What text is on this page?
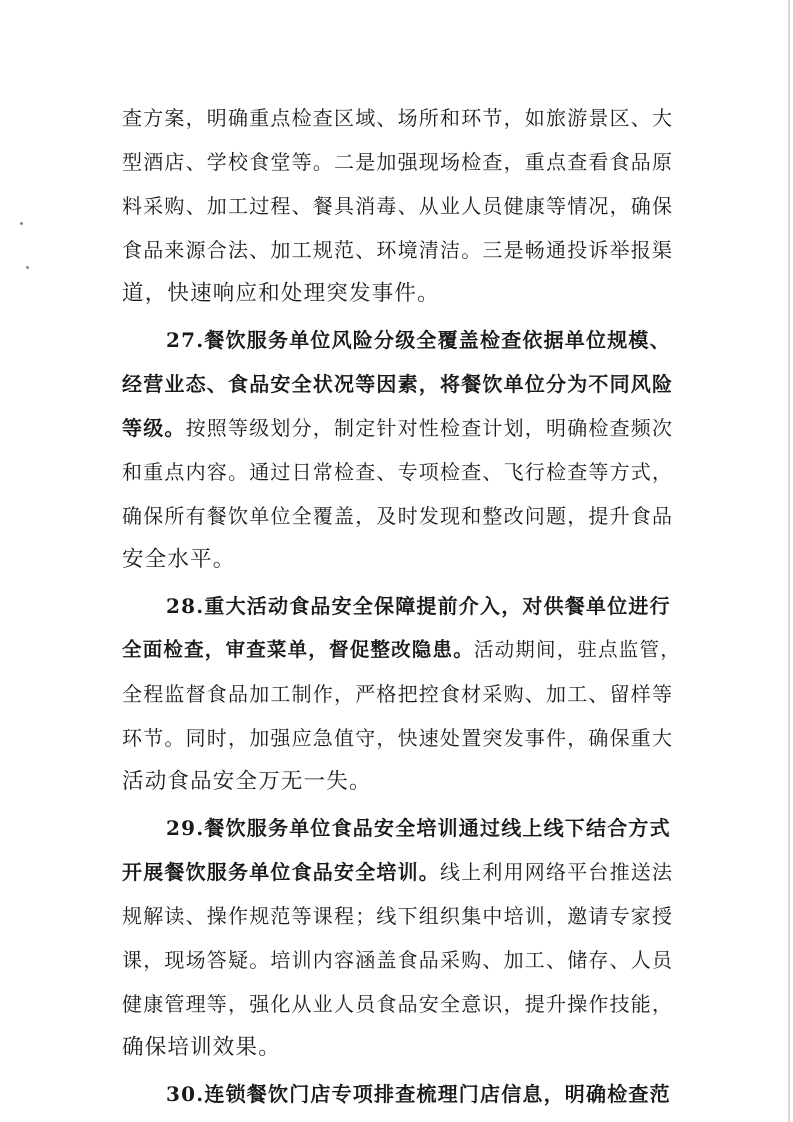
查方案，明确重点检查区域、场所和环节，如旅游景区、大
型酒店、学校食堂等。二是加强现场检查，重点查看食品原
料采购、加工过程、餐具消毒、从业人员健康等情况，确保
食品来源合法、加工规范、环境清洁。三是畅通投诉举报渠
道，快速响应和处理突发事件。
27.餐饮服务单位风险分级全覆盖检查依据单位规模、
经营业态、食品安全状况等因素，将餐饮单位分为不同风险
等级。按照等级划分，制定针对性检查计划，明确检查频次
和重点内容。通过日常检查、专项检查、飞行检查等方式，
确保所有餐饮单位全覆盖，及时发现和整改问题，提升食品
安全水平。
28.重大活动食品安全保障提前介入，对供餐单位进行
全面检查，审查菜单，督促整改隐患。活动期间，驻点监管，
全程监督食品加工制作，严格把控食材采购、加工、留样等
环节。同时，加强应急值守，快速处置突发事件，确保重大
活动食品安全万无一失。
29.餐饮服务单位食品安全培训通过线上线下结合方式
开展餐饮服务单位食品安全培训。线上利用网络平台推送法
规解读、操作规范等课程；线下组织集中培训，邀请专家授
课，现场答疑。培训内容涵盖食品采购、加工、储存、人员
健康管理等，强化从业人员食品安全意识，提升操作技能，
确保培训效果。
30.连锁餐饮门店专项排查梳理门店信息，明确检查范
